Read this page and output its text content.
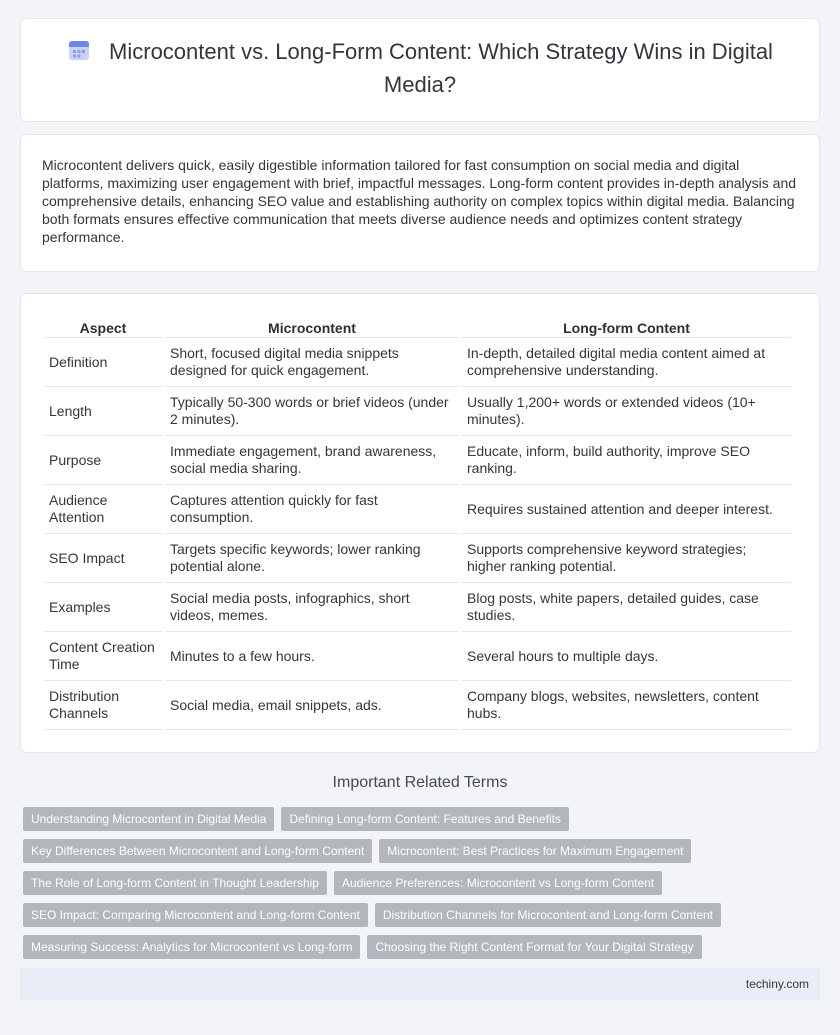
Microcontent vs. Long-Form Content: Which Strategy Wins in Digital Media?

Microcontent delivers quick, easily digestible information tailored for fast consumption on social media and digital platforms, maximizing user engagement with brief, impactful messages. Long-form content provides in-depth analysis and comprehensive details, enhancing SEO value and establishing authority on complex topics within digital media. Balancing both formats ensures effective communication that meets diverse audience needs and optimizes content strategy performance.

Aspect	Microcontent	Long-form Content
Definition	Short, focused digital media snippets designed for quick engagement.	In-depth, detailed digital media content aimed at comprehensive understanding.
Length	Typically 50-300 words or brief videos (under 2 minutes).	Usually 1,200+ words or extended videos (10+ minutes).
Purpose	Immediate engagement, brand awareness, social media sharing.	Educate, inform, build authority, improve SEO ranking.
Audience Attention	Captures attention quickly for fast consumption.	Requires sustained attention and deeper interest.
SEO Impact	Targets specific keywords; lower ranking potential alone.	Supports comprehensive keyword strategies; higher ranking potential.
Examples	Social media posts, infographics, short videos, memes.	Blog posts, white papers, detailed guides, case studies.
Content Creation Time	Minutes to a few hours.	Several hours to multiple days.
Distribution Channels	Social media, email snippets, ads.	Company blogs, websites, newsletters, content hubs.
Important Related Terms
Understanding Microcontent in Digital Media	Defining Long-form Content: Features and Benefits
Key Differences Between Microcontent and Long-form Content	Microcontent: Best Practices for Maximum Engagement
The Role of Long-form Content in Thought Leadership	Audience Preferences: Microcontent vs Long-form Content
SEO Impact: Comparing Microcontent and Long-form Content	Distribution Channels for Microcontent and Long-form Content
Measuring Success: Analytics for Microcontent vs Long-form	Choosing the Right Content Format for Your Digital Strategy
techiny.com
